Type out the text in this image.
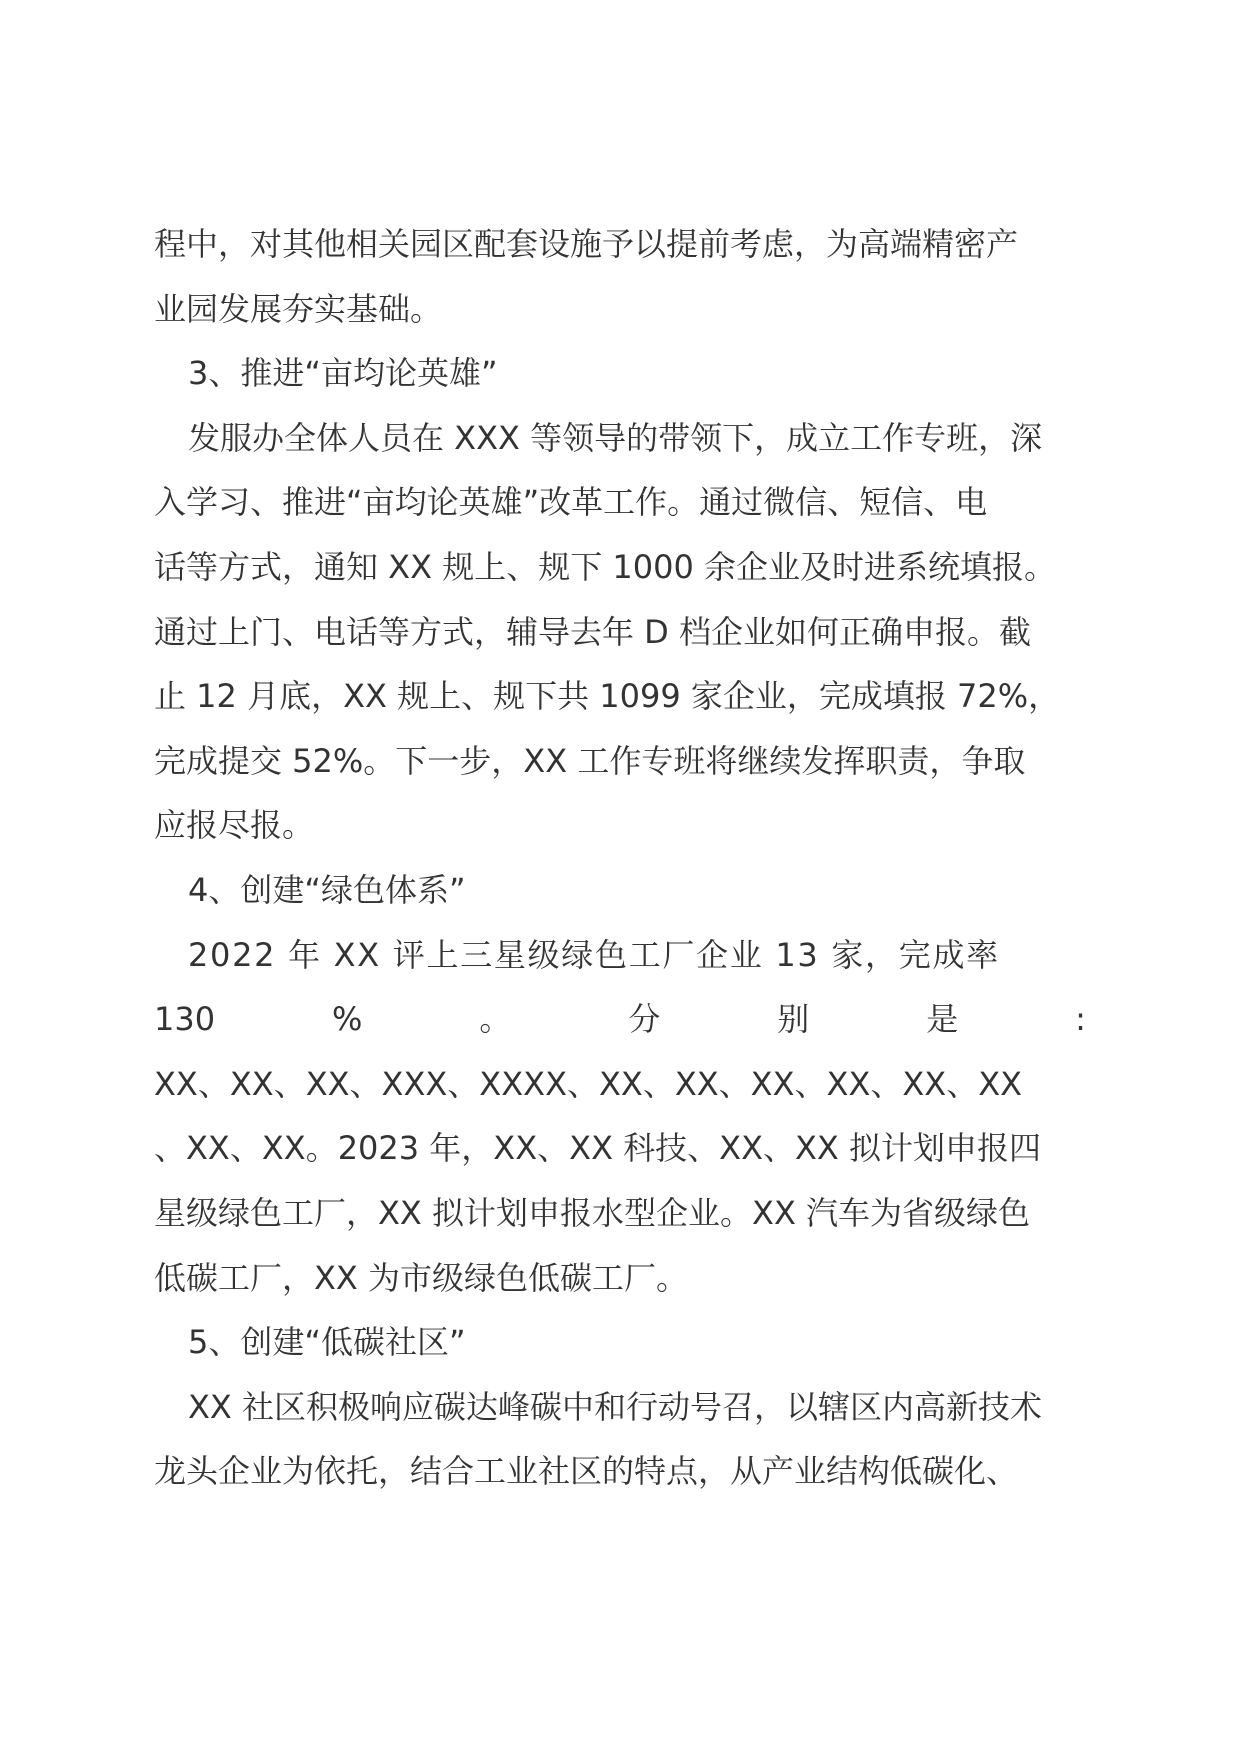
程中，对其他相关园区配套设施予以提前考虑，为高端精密产
业园发展夯实基础。
3、推进“亩均论英雄”
发服办全体人员在 XXX 等领导的带领下，成立工作专班，深
入学习、推进“亩均论英雄”改革工作。通过微信、短信、电
话等方式，通知 XX 规上、规下 1000 余企业及时进系统填报。
通过上门、电话等方式，辅导去年 D 档企业如何正确申报。截
止 12 月底，XX 规上、规下共 1099 家企业，完成填报 72%，
完成提交 52%。下一步，XX 工作专班将继续发挥职责，争取
应报尽报。
4、创建“绿色体系”
2022 年 XX 评上三星级绿色工厂企业 13 家，完成率
130	%	。	分	别	是	:
XX、XX、XX、XXX、XXXX、XX、XX、XX、XX、XX、XX
、XX、XX。2023 年，XX、XX 科技、XX、XX 拟计划申报四
星级绿色工厂，XX 拟计划申报水型企业。XX 汽车为省级绿色
低碳工厂，XX 为市级绿色低碳工厂。
5、创建“低碳社区”
XX 社区积极响应碳达峰碳中和行动号召，以辖区内高新技术
龙头企业为依托，结合工业社区的特点，从产业结构低碳化、
